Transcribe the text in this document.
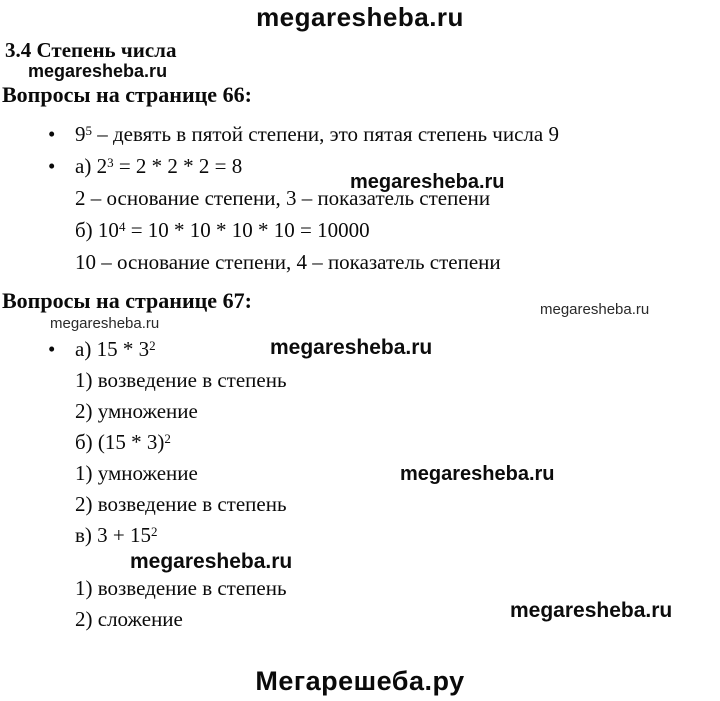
megaresheba.ru
3.4 Степень числа
megaresheba.ru
Вопросы на странице 66:
• $9^5$ – девять в пятой степени, это пятая степень числа 9
• а) $2^3 = 2 * 2 * 2 = 8$
2 – основание степени, 3 – показатель степени
б) $10^4 = 10 * 10 * 10 * 10 = 10000$
10 – основание степени, 4 – показатель степени
Вопросы на странице 67:
megaresheba.ru
• а) $15 * 3^2$
1) возведение в степень
2) умножение
б) (15 * 3)$^2$
1) умножение
2) возведение в степень
в) $3 + 15^2$
megaresheba.ru
1) возведение в степень
2) сложение
Мегарешеба.ру
megaresheba.ru
megaresheba.ru
megaresheba.ru
megaresheba.ru
megaresheba.ru
